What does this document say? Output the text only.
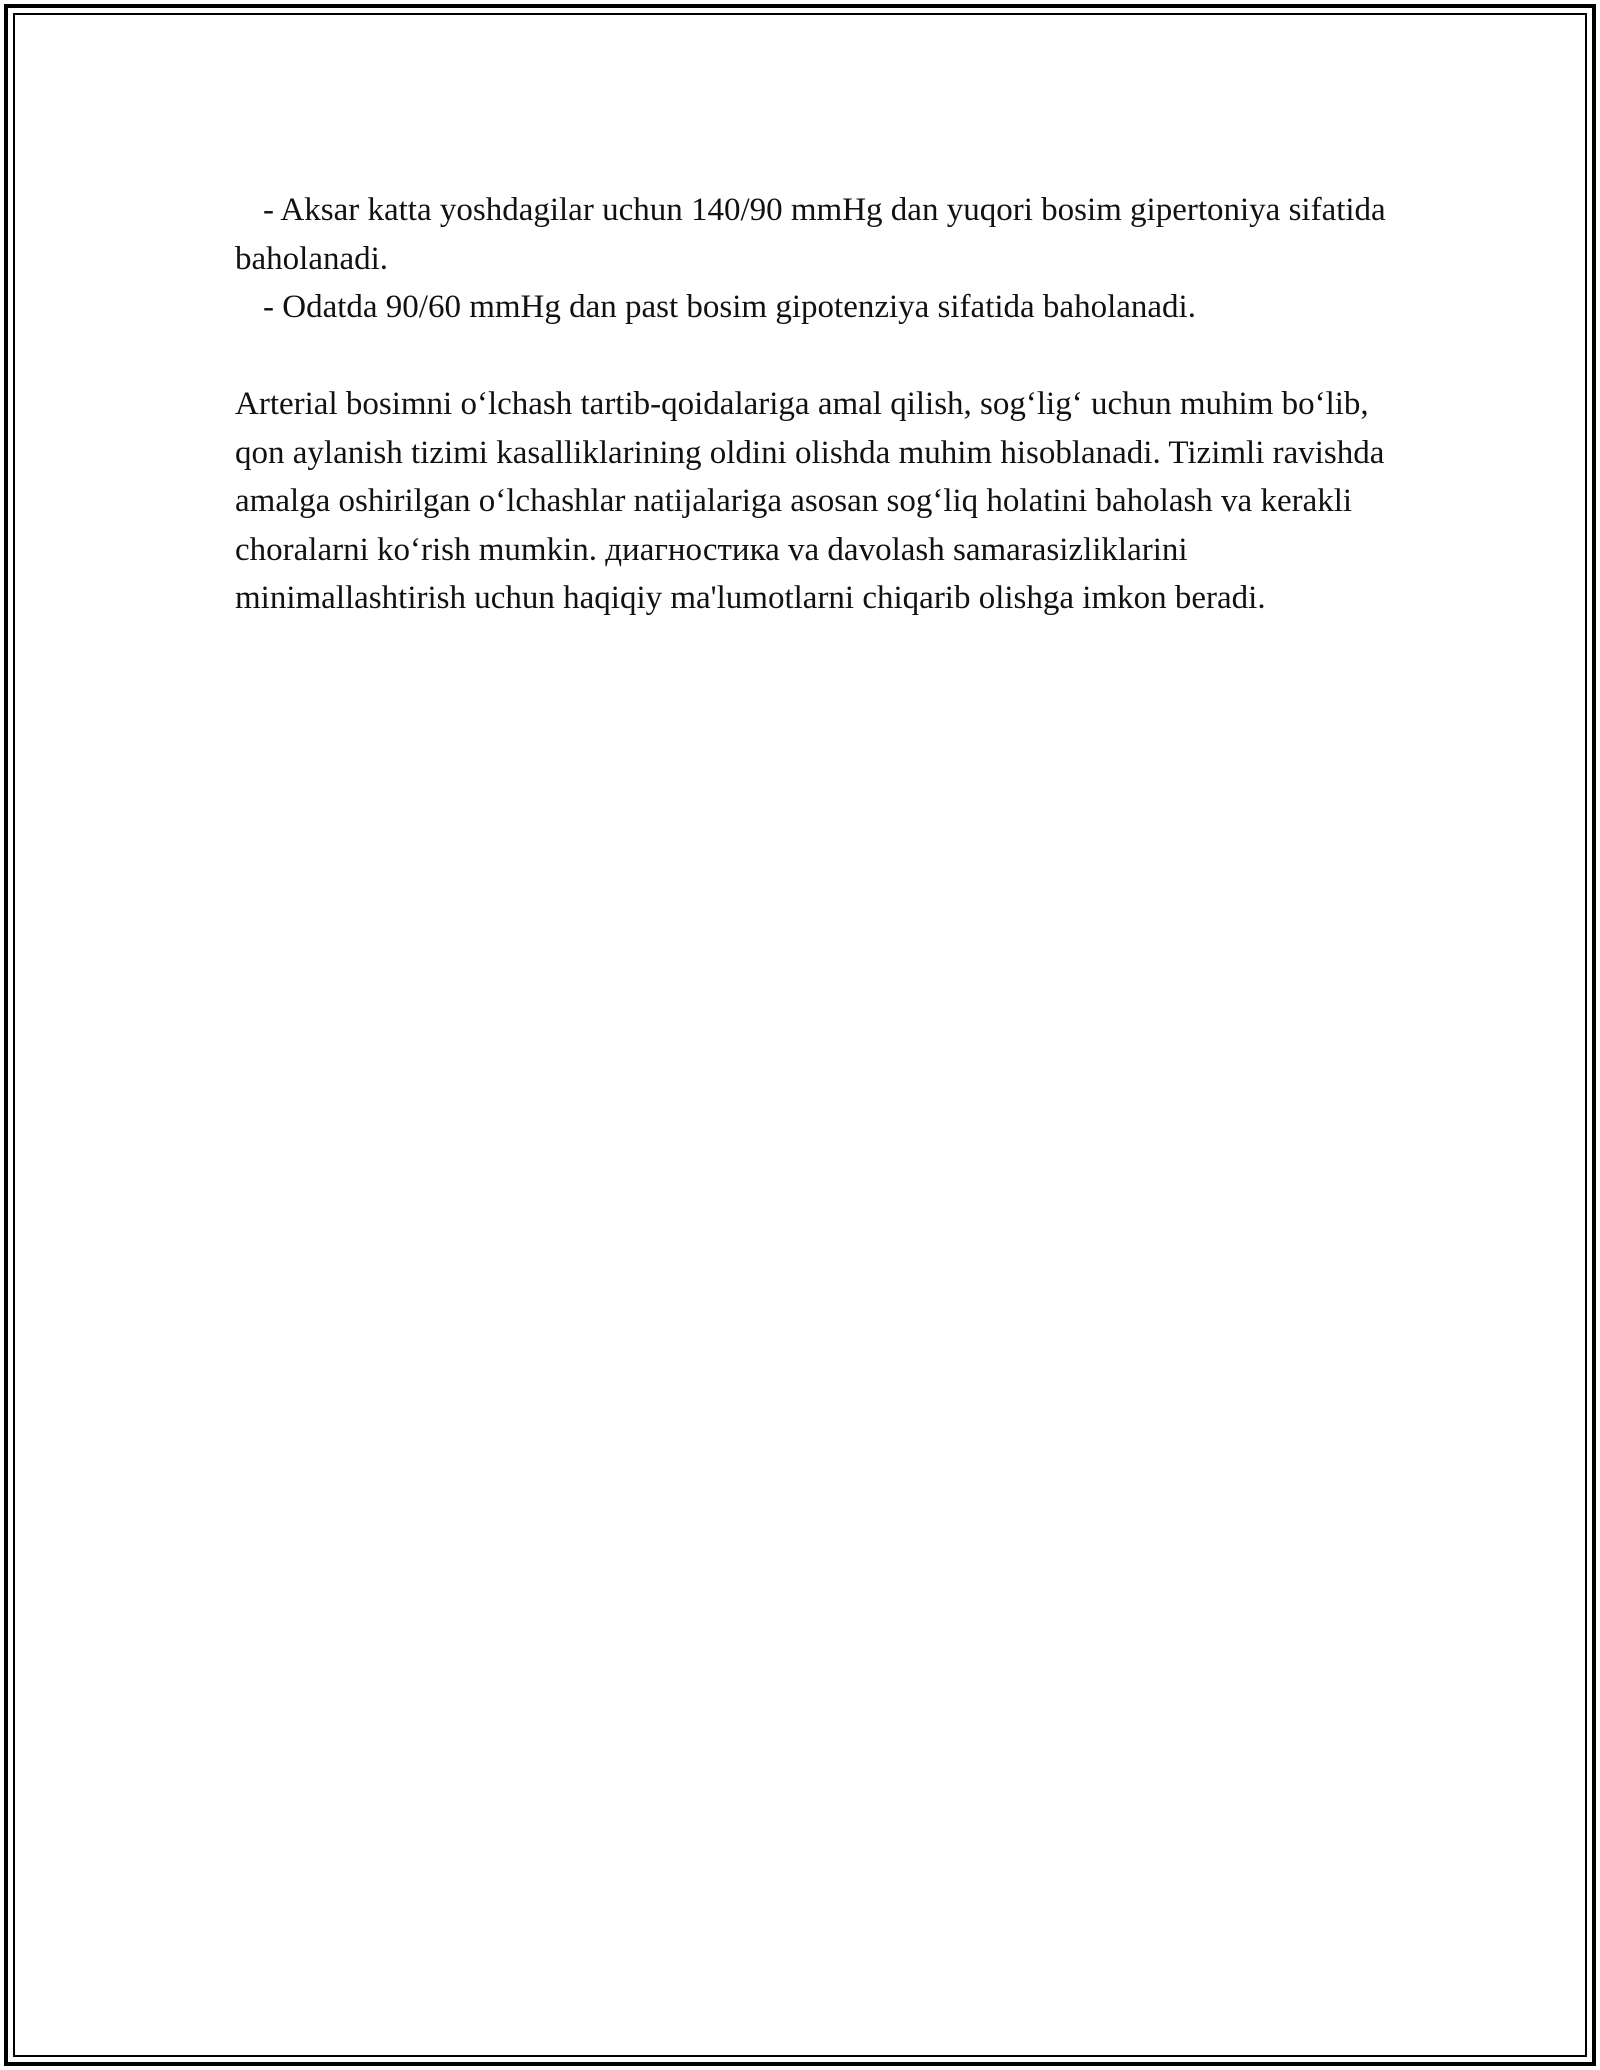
- Aksar katta yoshdagilar uchun 140/90 mmHg dan yuqori bosim gipertoniya sifatida baholanadi.

- Odatda 90/60 mmHg dan past bosim gipotenziya sifatida baholanadi.

Arterial bosimni o‘lchash tartib-qoidalariga amal qilish, sog‘lig‘ uchun muhim bo‘lib, qon aylanish tizimi kasalliklarining oldini olishda muhim hisoblanadi. Tizimli ravishda amalga oshirilgan o‘lchashlar natijalariga asosan sog‘liq holatini baholash va kerakli choralarni ko‘rish mumkin. диагностика va davolash samarasizliklarini minimallashtirish uchun haqiqiy ma'lumotlarni chiqarib olishga imkon beradi.
